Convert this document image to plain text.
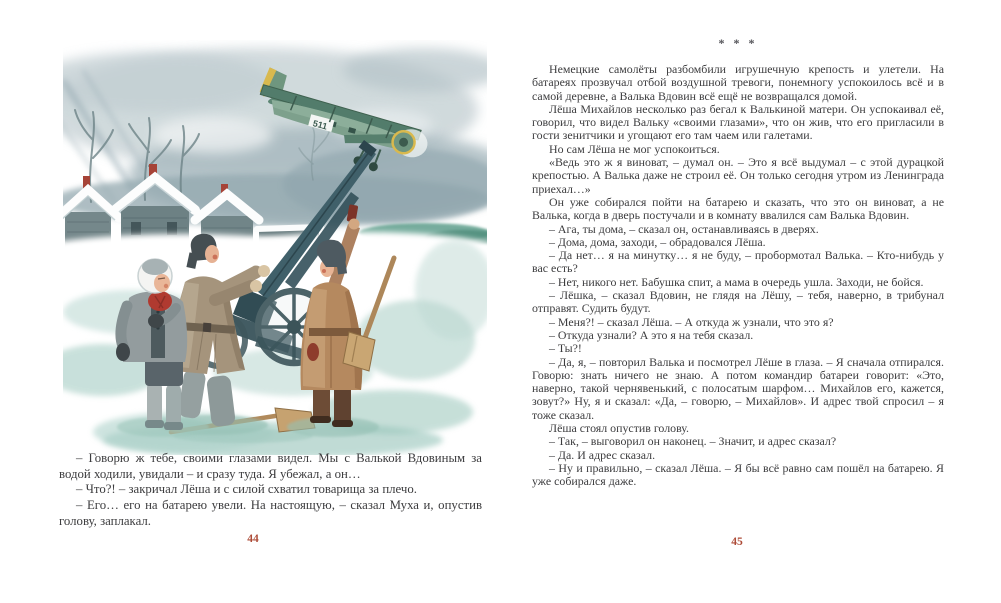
511

– Говорю ж тебе, своими глазами видел. Мы с Валькой Вдовиным за водой ходили, увидали – и сразу туда. Я убежал, а он…

– Что?! – закричал Лёша и с силой схватил товарища за плечо.

– Его… его на батарею увели. На настоящую, – сказал Муха и, опустив голову, заплакал.

44
* * *

Немецкие самолёты разбомбили игрушечную крепость и улетели. На батареях прозвучал отбой воздушной тревоги, понемногу успокоилось всё и в самой деревне, а Валька Вдовин всё ещё не возвращался домой.

Лёша Михайлов несколько раз бегал к Валькиной матери. Он успокаивал её, говорил, что видел Вальку «своими глазами», что он жив, что его пригласили в гости зенитчики и угощают его там чаем или галетами.

Но сам Лёша не мог успокоиться.

«Ведь это ж я виноват, – думал он. – Это я всё выдумал – с этой дурацкой крепостью. А Валька даже не строил её. Он только сегодня утром из Ленинграда приехал…»

Он уже собирался пойти на батарею и сказать, что это он виноват, а не Валька, когда в дверь постучали и в комнату ввалился сам Валька Вдовин.

– Ага, ты дома, – сказал он, останавливаясь в дверях.

– Дома, дома, заходи, – обрадовался Лёша.

– Да нет… я на минутку… я не буду, – пробормотал Валька. – Кто-нибудь у вас есть?

– Нет, никого нет. Бабушка спит, а мама в очередь ушла. Заходи, не бойся.

– Лёшка, – сказал Вдовин, не глядя на Лёшу, – тебя, наверно, в трибунал отправят. Судить будут.

– Меня?! – сказал Лёша. – А откуда ж узнали, что это я?

– Откуда узнали? А это я на тебя сказал.

– Ты?!

– Да, я, – повторил Валька и посмотрел Лёше в глаза. – Я сначала отпирался. Говорю: знать ничего не знаю. А потом командир батареи говорит: «Это, наверно, такой чернявенький, с полосатым шарфом… Михайлов его, кажется, зовут?» Ну, я и сказал: «Да, – говорю, – Михайлов». И адрес твой спросил – я тоже сказал.

Лёша стоял опустив голову.

– Так, – выговорил он наконец. – Значит, и адрес сказал?

– Да. И адрес сказал.

– Ну и правильно, – сказал Лёша. – Я бы всё равно сам пошёл на батарею. Я уже собирался даже.

45
